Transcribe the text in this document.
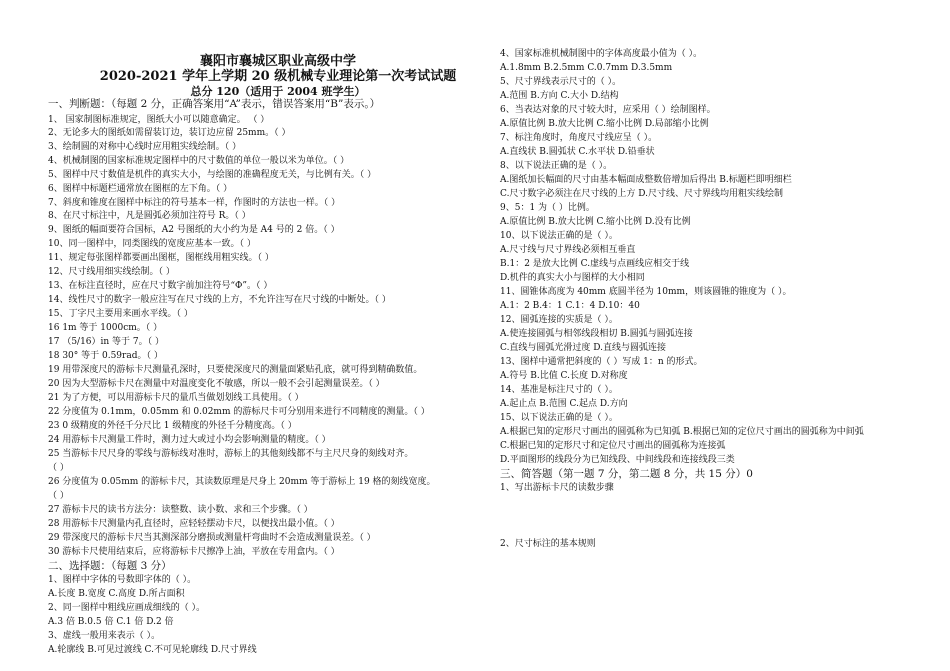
襄阳市襄城区职业高级中学
2020-2021 学年上学期 20 级机械专业理论第一次考试试题
总分 120（适用于 2004 班学生）
一、判断题：（每题 2 分，正确答案用“A”表示，错误答案用“B”表示。）
1、 国家制图标准规定，图纸大小可以随意确定。 （ ）
2、无论多大的图纸如需留装订边，装订边应留 25mm。（ ）
3、绘制圆的对称中心线时应用粗实线绘制。（ ）
4、机械制图的国家标准规定图样中的尺寸数值的单位一般以米为单位。（ ）
5、图样中尺寸数值是机件的真实大小，与绘图的准确程度无关，与比例有关。（ ）
6、图样中标题栏通常放在图框的左下角。（ ）
7、斜度和锥度在图样中标注的符号基本一样，作图时的方法也一样。（ ）
8、在尺寸标注中，凡是圆弧必须加注符号 R。（ ）
9、图纸的幅面要符合国标，A2 号图纸的大小约为是 A4 号的 2 倍。（ ）
10、同一图样中，同类图线的宽度应基本一致。（ ）
11、规定每张图样都要画出图框，图框线用粗实线。（ ）
12、尺寸线用细实线绘制。（ ）
13、在标注直径时，应在尺寸数字前加注符号“Φ”。（ ）
14、线性尺寸的数字一般应注写在尺寸线的上方，不允许注写在尺寸线的中断处。（ ）
15、丁字尺主要用来画水平线。（ ）
16 1m 等于 1000cm。（ ）
17 （5/16）in 等于 7。（ ）
18 30° 等于 0.59rad。（ ）
19 用带深度尺的游标卡尺测量孔深时，只要使深度尺的测量面紧贴孔底，就可得到精确数值。
20 因为大型游标卡尺在测量中对温度变化不敏感，所以一般不会引起测量误差。（ ）
21 为了方便，可以用游标卡尺的量爪当做划划线工具使用。（ ）
22 分度值为 0.1mm，0.05mm 和 0.02mm 的游标尺卡可分别用来进行不同精度的测量。（ ）
23 0 级精度的外径千分尺比 1 级精度的外径千分精度高。（ ）
24 用游标卡尺测量工件时，测力过大或过小均会影响测量的精度。（ ）
25 当游标卡尺尺身的零线与游标线对准时，游标上的其他刻线都不与主尺尺身的刻线对齐。
（ ）
26 分度值为 0.05mm 的游标卡尺，其读数原理是尺身上 20mm 等于游标上 19 格的刻线宽度。
（ ）
27 游标卡尺的读书方法分：读整数、读小数、求和三个步骤。（ ）
28 用游标卡尺测量内孔直径时，应轻轻摆动卡尺，以便找出最小值。（ ）
29 带深度尺的游标卡尺当其测深部分磨损或测量杆弯曲时不会造成测量误差。（ ）
30 游标卡尺使用结束后，应将游标卡尺擦净上油，平放在专用盒内。（ ）
二、选择题：（每题 3 分）
1、图样中字体的号数即字体的（ ）。
A.长度 B.宽度 C.高度 D.所占面积
2、同一图样中粗线应画成细线的（ ）。
A.3 倍 B.0.5 倍 C.1 倍 D.2 倍
3、虚线一般用来表示（ ）。
A.轮廓线 B.可见过渡线 C.不可见轮廓线 D.尺寸界线
4、国家标准机械制图中的字体高度最小值为（ ）。
A.1.8mm B.2.5mm C.0.7mm D.3.5mm
5、尺寸界线表示尺寸的（ ）。
A.范围 B.方向 C.大小 D.结构
6、当表达对象的尺寸较大时，应采用（ ）绘制图样。
A.原值比例 B.放大比例 C.缩小比例 D.局部缩小比例
7、标注角度时，角度尺寸线应呈（ ）。
A.直线状 B.圆弧状 C.水平状 D.铅垂状
8、以下说法正确的是（ ）。
A.图纸加长幅面的尺寸由基本幅面成整数倍增加后得出 B.标题栏即明细栏
C.尺寸数字必须注在尺寸线的上方 D.尺寸线、尺寸界线均用粗实线绘制
9、5：1 为（ ）比例。
A.原值比例 B.放大比例 C.缩小比例 D.没有比例
10、以下说法正确的是（ ）。
A.尺寸线与尺寸界线必须相互垂直
B.1：2 是放大比例 C.虚线与点画线应相交于线
D.机件的真实大小与图样的大小相同
11、圆锥体高度为 40mm 底圆半径为 10mm，则该圆锥的锥度为（ ）。
A.1：2 B.4：1 C.1：4 D.10：40
12、圆弧连接的实质是（ ）。
A.使连接圆弧与相邻线段相切 B.圆弧与圆弧连接
C.直线与圆弧光滑过度 D.直线与圆弧连接
13、图样中通常把斜度的（ ）写成 1：n 的形式。
A.符号 B.比值 C.长度 D.对称度
14、基准是标注尺寸的（ ）。
A.起止点 B.范围 C.起点 D.方向
15、以下说法正确的是（ ）。
A.根据已知的定形尺寸画出的圆弧称为已知弧 B.根据已知的定位尺寸画出的圆弧称为中间弧
C.根据已知的定形尺寸和定位尺寸画出的圆弧称为连接弧
D.平面图形的线段分为已知线段、中间线段和连接线段三类
三、简答题（第一题 7 分，第二题 8 分，共 15 分）0
1、写出游标卡尺的读数步骤
2、尺寸标注的基本规则
